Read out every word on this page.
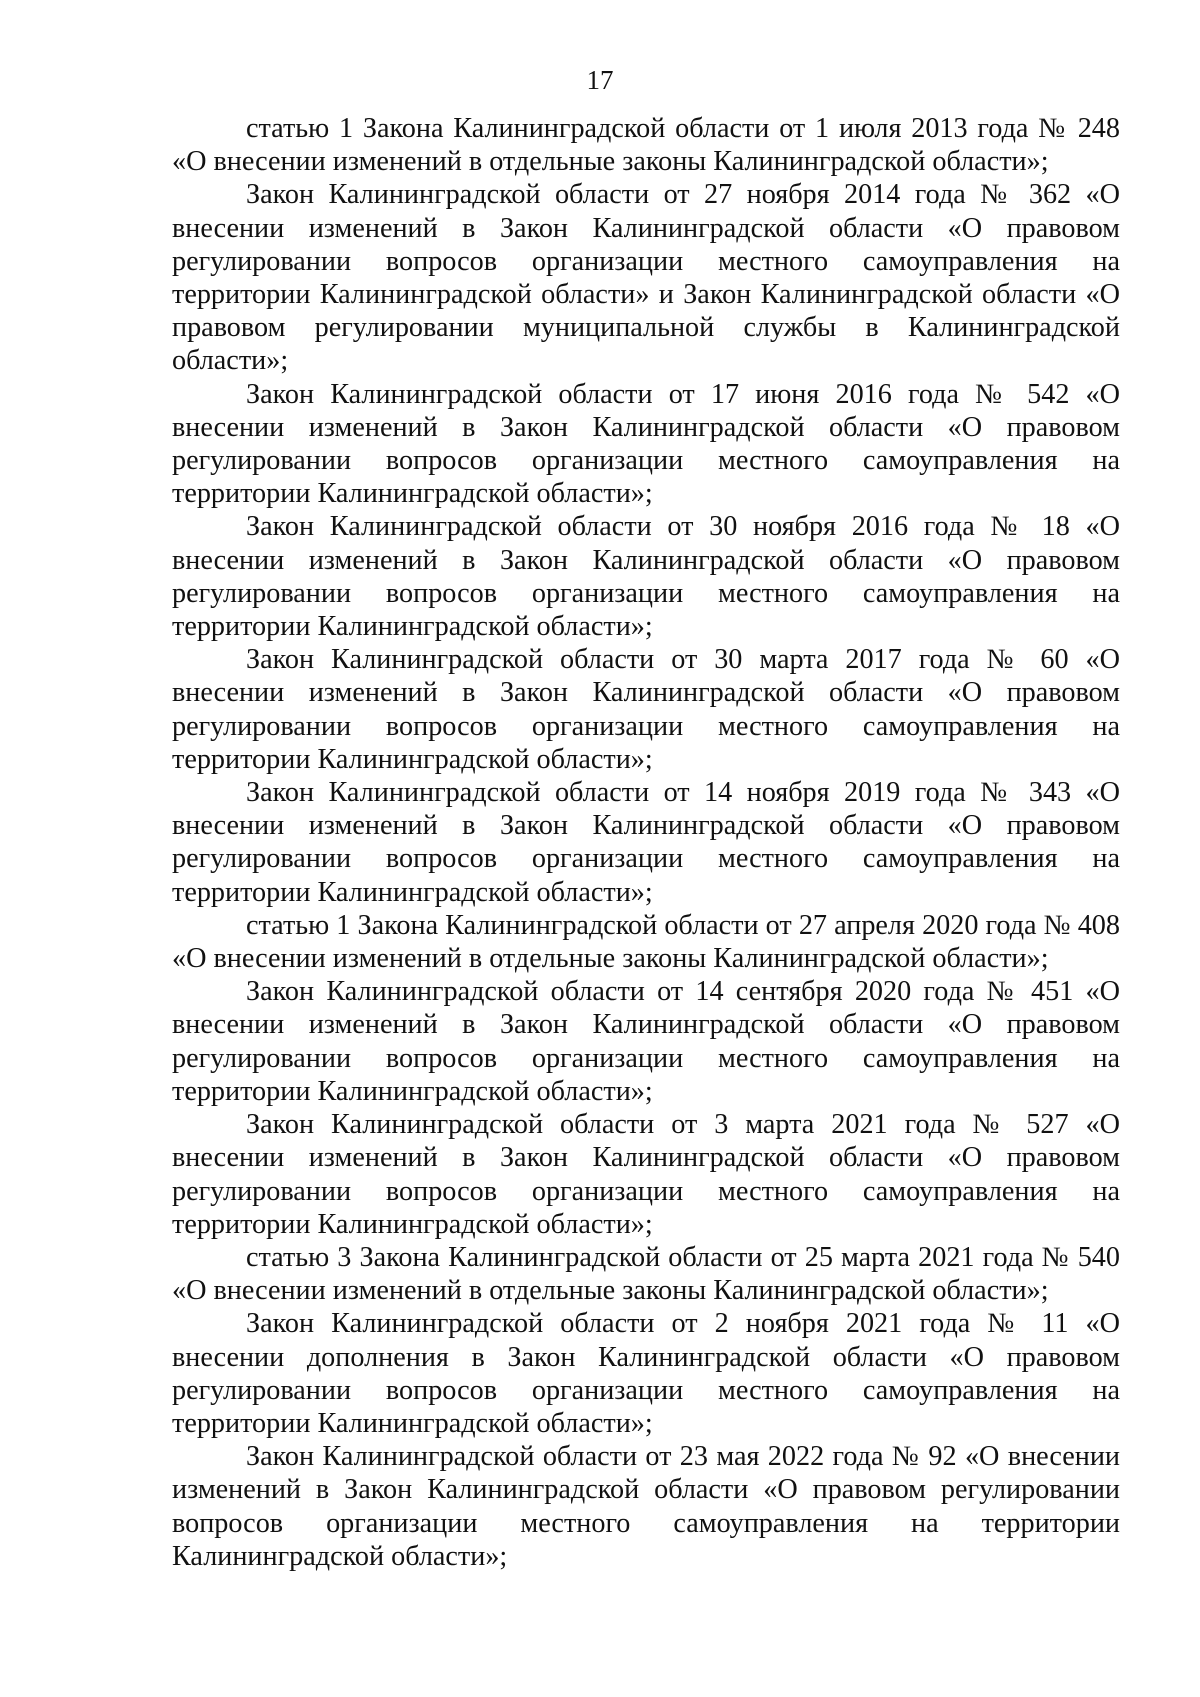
17

статью 1 Закона Калининградской области от 1 июля 2013 года № 248 «О внесении изменений в отдельные законы Калининградской области»;

Закон Калининградской области от 27 ноября 2014 года № 362 «О внесении изменений в Закон Калининградской области «О правовом регулировании вопросов организации местного самоуправления на территории Калининградской области» и Закон Калининградской области «О правовом регулировании муниципальной службы в Калининградской области»;

Закон Калининградской области от 17 июня 2016 года № 542 «О внесении изменений в Закон Калининградской области «О правовом регулировании вопросов организации местного самоуправления на территории Калининградской области»;

Закон Калининградской области от 30 ноября 2016 года № 18 «О внесении изменений в Закон Калининградской области «О правовом регулировании вопросов организации местного самоуправления на территории Калининградской области»;

Закон Калининградской области от 30 марта 2017 года № 60 «О внесении изменений в Закон Калининградской области «О правовом регулировании вопросов организации местного самоуправления на территории Калининградской области»;

Закон Калининградской области от 14 ноября 2019 года № 343 «О внесении изменений в Закон Калининградской области «О правовом регулировании вопросов организации местного самоуправления на территории Калининградской области»;

статью 1 Закона Калининградской области от 27 апреля 2020 года № 408 «О внесении изменений в отдельные законы Калининградской области»;

Закон Калининградской области от 14 сентября 2020 года № 451 «О внесении изменений в Закон Калининградской области «О правовом регулировании вопросов организации местного самоуправления на территории Калининградской области»;

Закон Калининградской области от 3 марта 2021 года № 527 «О внесении изменений в Закон Калининградской области «О правовом регулировании вопросов организации местного самоуправления на территории Калининградской области»;

статью 3 Закона Калининградской области от 25 марта 2021 года № 540 «О внесении изменений в отдельные законы Калининградской области»;

Закон Калининградской области от 2 ноября 2021 года № 11 «О внесении дополнения в Закон Калининградской области «О правовом регулировании вопросов организации местного самоуправления на территории Калининградской области»;

Закон Калининградской области от 23 мая 2022 года № 92 «О внесении изменений в Закон Калининградской области «О правовом регулировании вопросов организации местного самоуправления на территории Калининградской области»;
